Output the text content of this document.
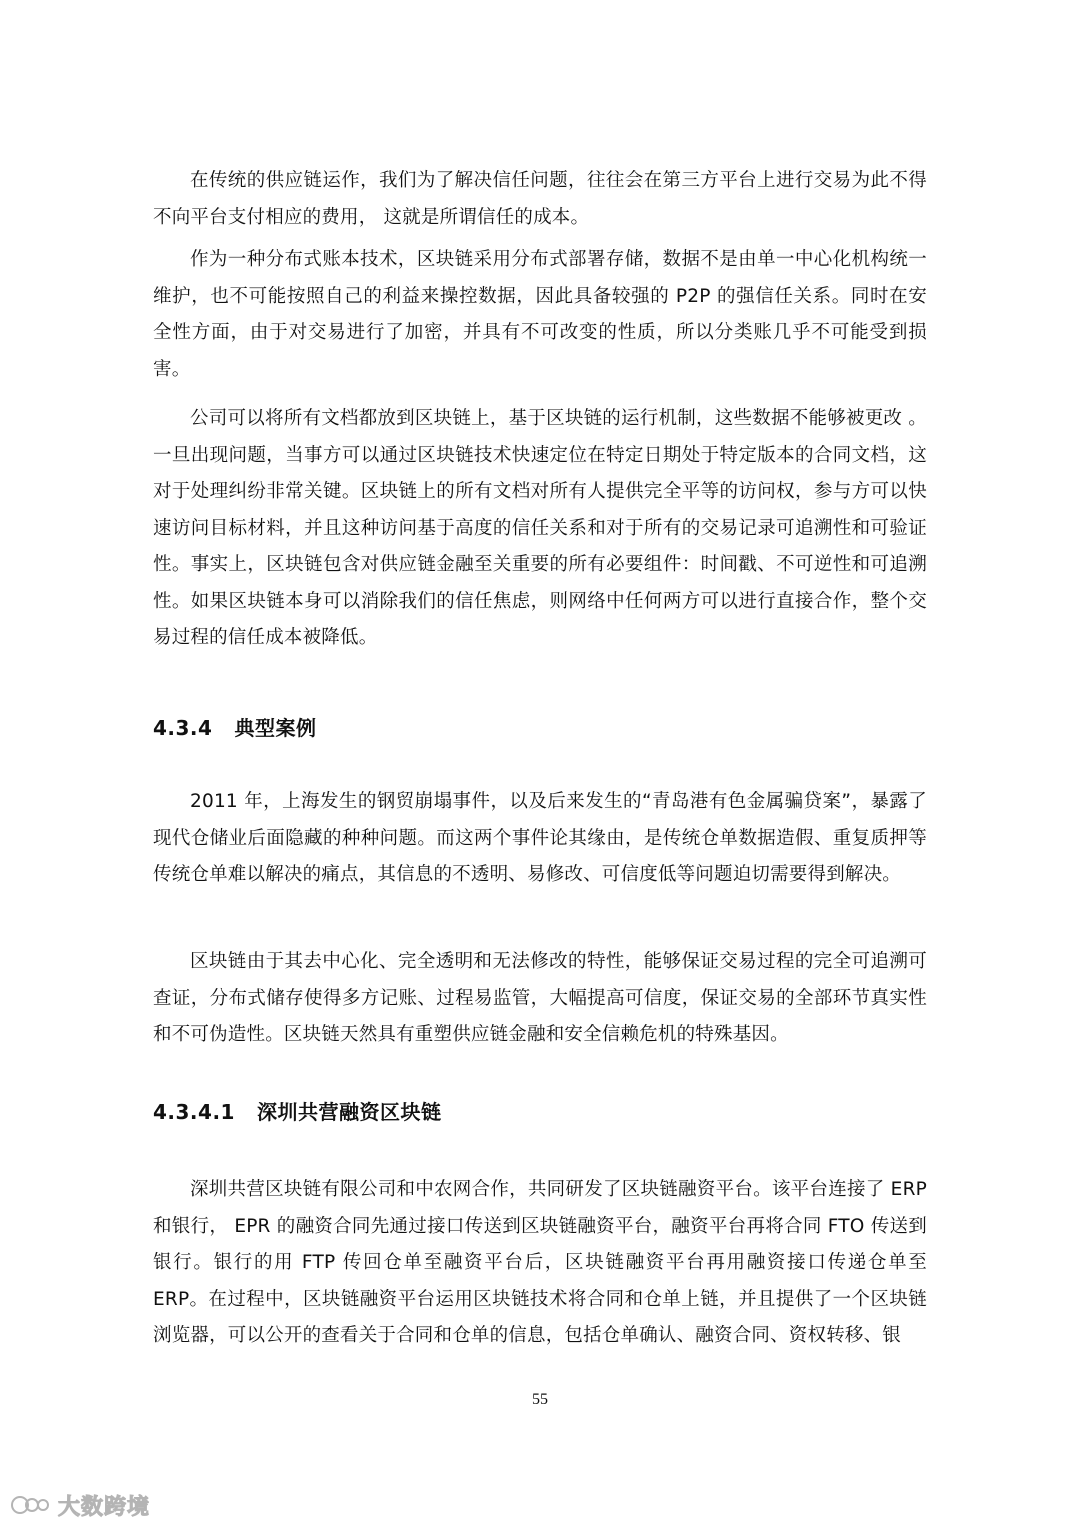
在传统的供应链运作，我们为了解决信任问题，往往会在第三方平台上进行交易为此不得不向平台支付相应的费用， 这就是所谓信任的成本。

作为一种分布式账本技术，区块链采用分布式部署存储，数据不是由单一中心化机构统一维护，也不可能按照自己的利益来操控数据，因此具备较强的 P2P 的强信任关系。同时在安全性方面，由于对交易进行了加密，并具有不可改变的性质，所以分类账几乎不可能受到损害。

公司可以将所有文档都放到区块链上，基于区块链的运行机制，这些数据不能够被更改 。一旦出现问题，当事方可以通过区块链技术快速定位在特定日期处于特定版本的合同文档，这对于处理纠纷非常关键。区块链上的所有文档对所有人提供完全平等的访问权，参与方可以快速访问目标材料，并且这种访问基于高度的信任关系和对于所有的交易记录可追溯性和可验证性。事实上，区块链包含对供应链金融至关重要的所有必要组件：时间戳、不可逆性和可追溯性。如果区块链本身可以消除我们的信任焦虑，则网络中任何两方可以进行直接合作，整个交易过程的信任成本被降低。

4.3.4 典型案例

2011 年，上海发生的钢贸崩塌事件，以及后来发生的“青岛港有色金属骗贷案”，暴露了现代仓储业后面隐藏的种种问题。而这两个事件论其缘由，是传统仓单数据造假、重复质押等传统仓单难以解决的痛点，其信息的不透明、易修改、可信度低等问题迫切需要得到解决。

区块链由于其去中心化、完全透明和无法修改的特性，能够保证交易过程的完全可追溯可查证，分布式储存使得多方记账、过程易监管，大幅提高可信度，保证交易的全部环节真实性和不可伪造性。区块链天然具有重塑供应链金融和安全信赖危机的特殊基因。

4.3.4.1 深圳共营融资区块链

深圳共营区块链有限公司和中农网合作，共同研发了区块链融资平台。该平台连接了 ERP 和银行， EPR 的融资合同先通过接口传送到区块链融资平台，融资平台再将合同 FTO 传送到银行。银行的用 FTP 传回仓单至融资平台后，区块链融资平台再用融资接口传递仓单至 ERP。在过程中，区块链融资平台运用区块链技术将合同和仓单上链，并且提供了一个区块链浏览器，可以公开的查看关于合同和仓单的信息，包括仓单确认、融资合同、资权转移、银

55
大数跨境
